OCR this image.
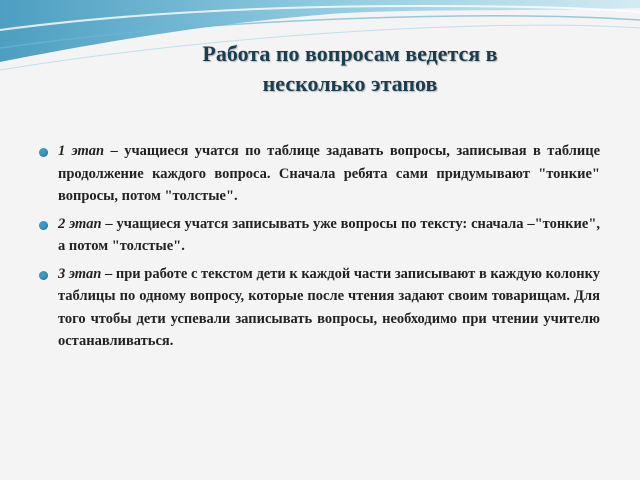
Работа по вопросам ведется в
несколько этапов
1 этап – учащиеся учатся по таблице задавать вопросы, записывая в таблице продолжение каждого вопроса. Сначала ребята сами придумывают "тонкие" вопросы, потом "толстые".
2 этап – учащиеся учатся записывать уже вопросы по тексту: сначала –"тонкие", а потом "толстые".
3 этап – при работе с текстом дети к каждой части записывают в каждую колонку таблицы по одному вопросу, которые после чтения задают своим товарищам. Для того чтобы дети успевали записывать вопросы, необходимо при чтении учителю останавливаться.
